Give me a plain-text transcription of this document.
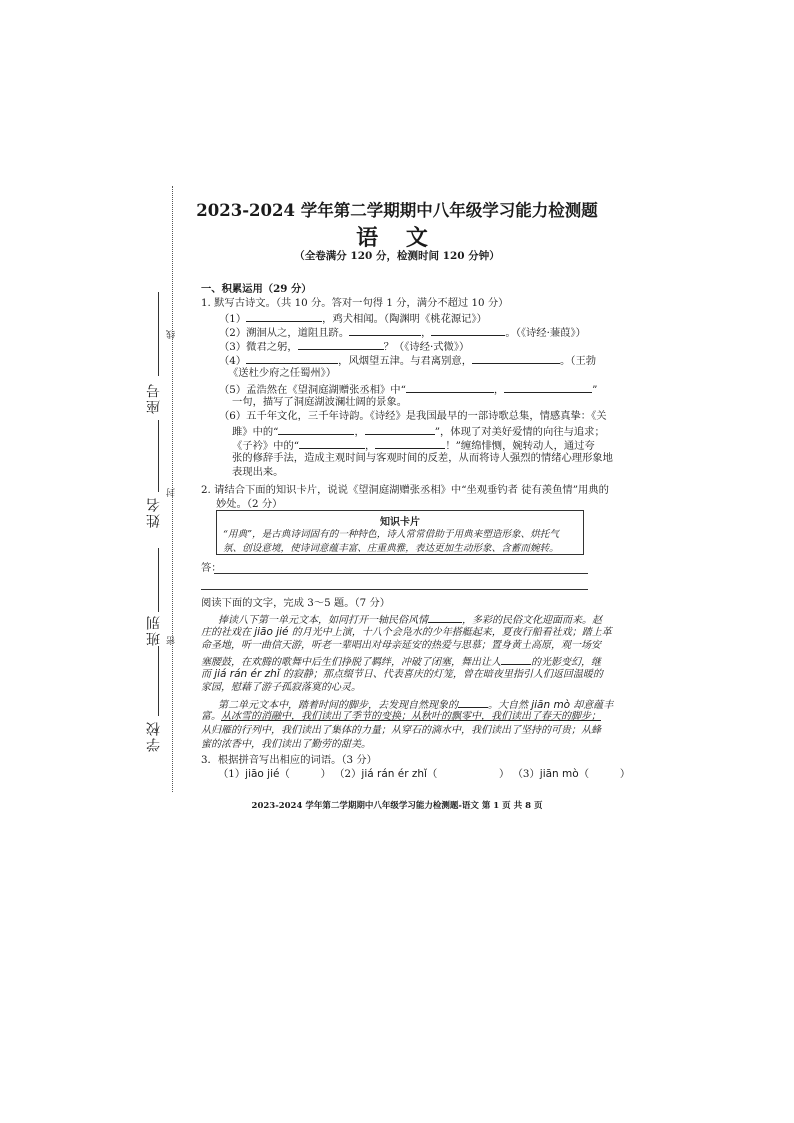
线
封
密
座号
姓名
班别
学校
2023-2024 学年第二学期期中八年级学习能力检测题
语 文
（全卷满分 120 分，检测时间 120 分钟）
一、积累运用（29 分）
1. 默写古诗文。（共 10 分。答对一句得 1 分，满分不超过 10 分）
（1）	，鸡犬相闻。（陶渊明《桃花源记》）
（2）溯洄从之，道阻且跻。	，	。（《诗经·蒹葭》）
（3）微君之躬，	？（《诗经·式微》）
（4）	，风烟望五津。与君离别意，	。（王勃
《送杜少府之任蜀州》）
（5）孟浩然在《望洞庭湖赠张丞相》中“	，	”
一句，描写了洞庭湖波澜壮阔的景象。
（6）五千年文化，三千年诗韵。《诗经》是我国最早的一部诗歌总集，情感真挚：《关
雎》中的“	，	”，体现了对美好爱情的向往与追求；
《子衿》中的“	，	！”缠绵悱恻，婉转动人，通过夸
张的修辞手法，造成主观时间与客观时间的反差，从而将诗人强烈的情绪心理形象地
表现出来。
2. 请结合下面的知识卡片，说说《望洞庭湖赠张丞相》中“坐观垂钓者 徒有羡鱼情”用典的
妙处。（2 分）
知识卡片
“用典”，是古典诗词固有的一种特色，诗人常常借助于用典来塑造形象、烘托气氛、创设意境，使诗词意蕴丰富、庄重典雅，表达更加生动形象、含蓄而婉转。
答：
阅读下面的文字，完成 3～5 题。（7 分）
捧读八下第一单元文本，如同打开一轴民俗风情	，多彩的民俗文化迎面而来。赵
庄的社戏在 jiāo jié 的月光中上演，十八个会凫水的少年搭艇起来，夏夜行船看社戏；踏上革
命圣地，听一曲信天游，听老一辈唱出对母亲延安的热爱与思慕；置身黄土高原，观一场安
塞腰鼓，在欢腾的歌舞中后生们挣脱了羁绊，冲破了闭塞，舞出让人	的光影变幻，继
而 jiá rán ér zhǐ 的寂静；那点缀节日、代表喜庆的灯笼，曾在暗夜里指引人们返回温暖的
家园，慰藉了游子孤寂落寞的心灵。
第二单元文本中，踏着时间的脚步，去发现自然现象的	。大自然 jiān mò 却意蕴丰
富。从冰雪的消融中，我们读出了季节的变换；从秋叶的飘零中，我们读出了春天的脚步；
从归雁的行列中，我们读出了集体的力量；从穿石的滴水中，我们读出了坚持的可贵；从蜂
蜜的浓香中，我们读出了勤劳的甜美。
3．根据拼音写出相应的词语。（3 分）
（1）jiāo jié（   ） （2）jiá rán ér zhǐ（      ） （3）jiān mò（   ）
2023-2024 学年第二学期期中八年级学习能力检测题-语文 第 1 页 共 8 页
